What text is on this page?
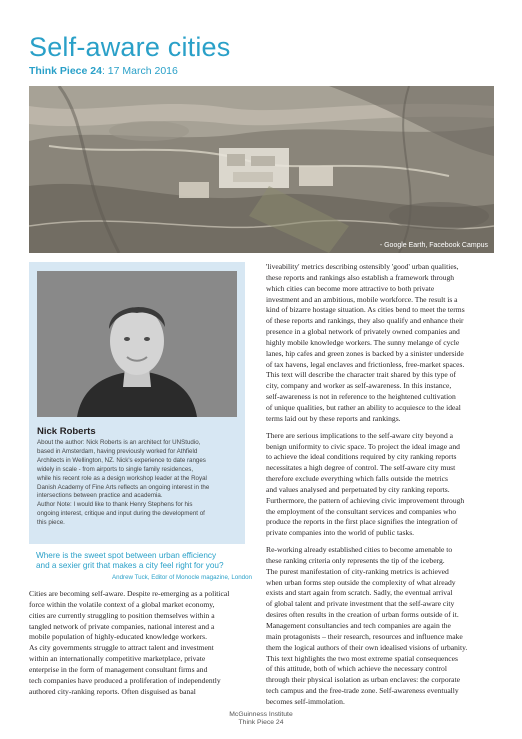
Self-aware cities
Think Piece 24: 17 March 2016
- Google Earth, Facebook Campus
Nick Roberts
About the author: Nick Roberts is an architect for UNStudio,
based in Amsterdam, having previously worked for Athfield
Architects in Wellington, NZ. Nick's experience to date ranges
widely in scale - from airports to single family residences,
while his recent role as a design workshop leader at the Royal
Danish Academy of Fine Arts reflects an ongoing interest in the
intersections between practice and academia.
Author Note: I would like to thank Henry Stephens for his
ongoing interest, critique and input during the development of
this piece.
Where is the sweet spot between urban efficiency
and a sexier grit that makes a city feel right for you?
Andrew Tuck, Editor of Monocle magazine, London
Cities are becoming self-aware. Despite re-emerging as a political
force within the volatile context of a global market economy,
cities are currently struggling to position themselves within a
tangled network of private companies, national interest and a
mobile population of highly-educated knowledge workers.
As city governments struggle to attract talent and investment
within an internationally competitive marketplace, private
enterprise in the form of management consultant firms and
tech companies have produced a proliferation of independently
authored city-ranking reports. Often disguised as banal
'liveability' metrics describing ostensibly 'good' urban qualities,
these reports and rankings also establish a framework through
which cities can become more attractive to both private
investment and an ambitious, mobile workforce. The result is a
kind of bizarre hostage situation. As cities bend to meet the terms
of these reports and rankings, they also qualify and enhance their
presence in a global network of privately owned companies and
highly mobile knowledge workers. The sunny melange of cycle
lanes, hip cafes and green zones is backed by a sinister underside
of tax havens, legal enclaves and frictionless, free-market spaces.
This text will describe the character trait shared by this type of
city, company and worker as self-awareness. In this instance,
self-awareness is not in reference to the heightened cultivation
of unique qualities, but rather an ability to acquiesce to the ideal
terms laid out by these reports and rankings.
There are serious implications to the self-aware city beyond a
benign uniformity to civic space. To project the ideal image and
to achieve the ideal conditions required by city ranking reports
necessitates a high degree of control. The self-aware city must
therefore exclude everything which falls outside the metrics
and values analysed and perpetuated by city ranking reports.
Furthermore, the pattern of achieving civic improvement through
the employment of the consultant services and companies who
produce the reports in the first place signifies the integration of
private companies into the world of public tasks.
Re-working already established cities to become amenable to
these ranking criteria only represents the tip of the iceberg.
The purest manifestation of city-ranking metrics is achieved
when urban forms step outside the complexity of what already
exists and start again from scratch. Sadly, the eventual arrival
of global talent and private investment that the self-aware city
desires often results in the creation of urban forms outside of it.
Management consultancies and tech companies are again the
main protagonists – their research, resources and influence make
them the logical authors of their own idealised visions of urbanity.
This text highlights the two most extreme spatial consequences
of this attitude, both of which achieve the necessary control
through their physical isolation as urban enclaves: the corporate
tech campus and the free-trade zone. Self-awareness eventually
becomes self-immolation.
McGuinness Institute
Think Piece 24
